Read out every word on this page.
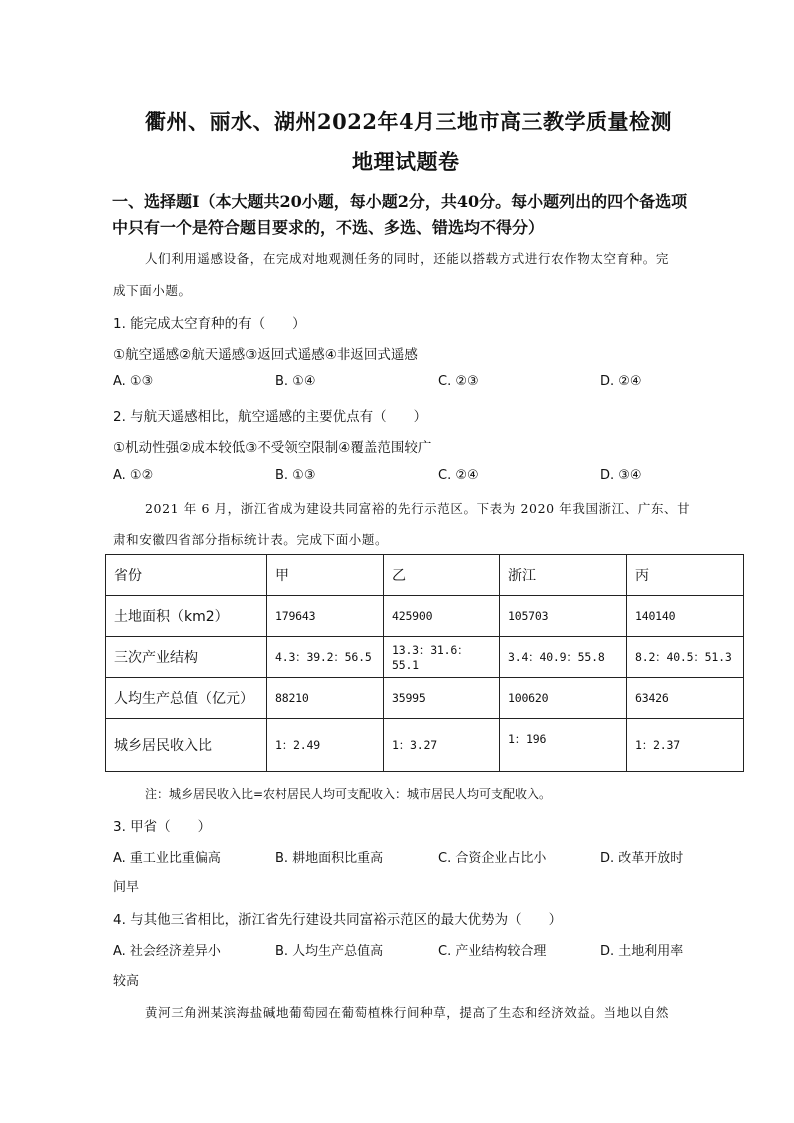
衢州、丽水、湖州2022年4月三地市高三教学质量检测
地理试题卷
一、选择题Ⅰ（本大题共20小题，每小题2分，共40分。每小题列出的四个备选项
中只有一个是符合题目要求的，不选、多选、错选均不得分）
人们利用遥感设备，在完成对地观测任务的同时，还能以搭载方式进行农作物太空育种。完
成下面小题。
1. 能完成太空育种的有（　　）
①航空遥感②航天遥感③返回式遥感④非返回式遥感
A. ①③	B. ①④	C. ②③	D. ②④
2. 与航天遥感相比，航空遥感的主要优点有（　　）
①机动性强②成本较低③不受领空限制④覆盖范围较广
A. ①②	B. ①③	C. ②④	D. ③④
2021 年 6 月，浙江省成为建设共同富裕的先行示范区。下表为 2020 年我国浙江、广东、甘
肃和安徽四省部分指标统计表。完成下面小题。
省份	甲	乙	浙江	丙
土地面积（km2）	179643	425900	105703	140140
三次产业结构	4.3：39.2：56.5	13.3：31.6：55.1	3.4：40.9：55.8	8.2：40.5：51.3
人均生产总值（亿元）	88210	35995	100620	63426
城乡居民收入比	1：2.49	1：3.27	1：196	1：2.37
注：城乡居民收入比=农村居民人均可支配收入：城市居民人均可支配收入。
3. 甲省（　　）
A. 重工业比重偏高	B. 耕地面积比重高	C. 合资企业占比小	D. 改革开放时
间早
4. 与其他三省相比，浙江省先行建设共同富裕示范区的最大优势为（　　）
A. 社会经济差异小	B. 人均生产总值高	C. 产业结构较合理	D. 土地利用率
较高
黄河三角洲某滨海盐碱地葡萄园在葡萄植株行间种草，提高了生态和经济效益。当地以自然
